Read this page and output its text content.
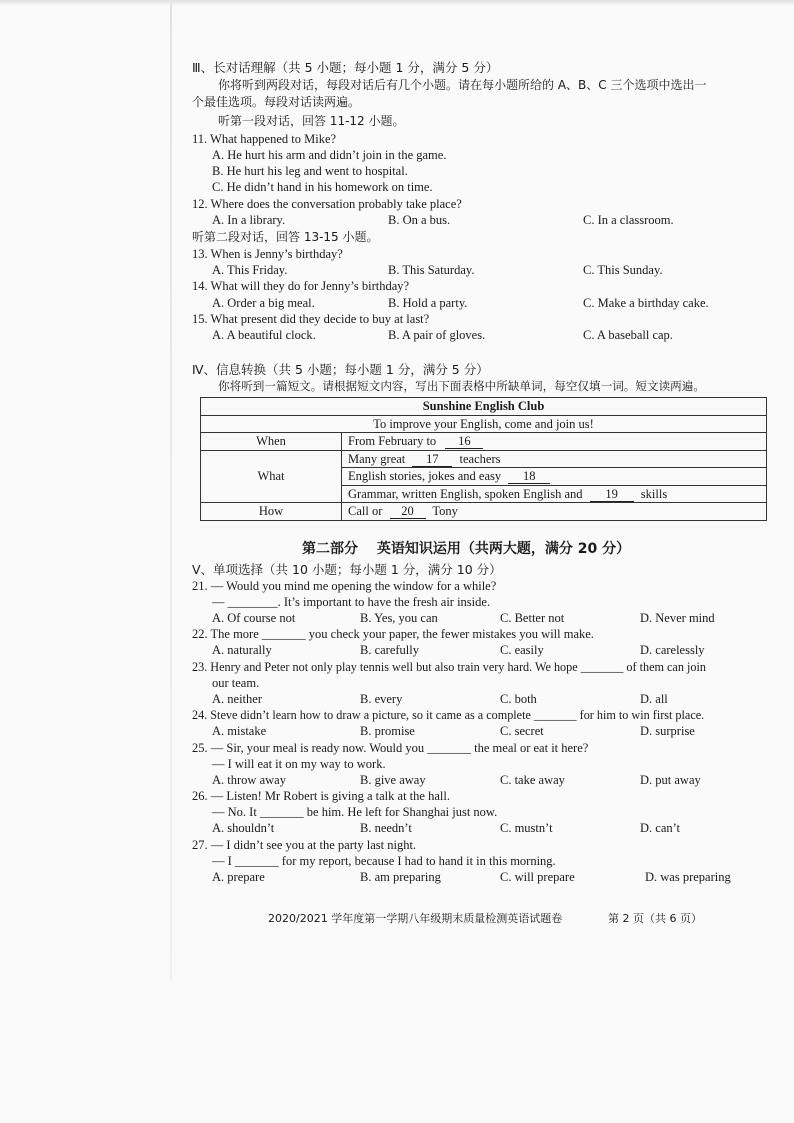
Ⅲ、长对话理解（共 5 小题；每小题 1 分，满分 5 分）
你将听到两段对话，每段对话后有几个小题。请在每小题所给的 A、B、C 三个选项中选出一
个最佳选项。每段对话读两遍。
听第一段对话，回答 11-12 小题。
11. What happened to Mike?
A. He hurt his arm and didn’t join in the game.
B. He hurt his leg and went to hospital.
C. He didn’t hand in his homework on time.
12. Where does the conversation probably take place?
A. In a library.	B. On a bus.	C. In a classroom.
听第二段对话，回答 13-15 小题。
13. When is Jenny’s birthday?
A. This Friday.	B. This Saturday.	C. This Sunday.
14. What will they do for Jenny’s birthday?
A. Order a big meal.	B. Hold a party.	C. Make a birthday cake.
15. What present did they decide to buy at last?
A. A beautiful clock.	B. A pair of gloves.	C. A baseball cap.
Ⅳ、信息转换（共 5 小题；每小题 1 分，满分 5 分）
你将听到一篇短文。请根据短文内容，写出下面表格中所缺单词，每空仅填一词。短文读两遍。
Sunshine English Club	
To improve your English, come and join us!	
When	From February to 16
What	Many great 17 teachers
	English stories, jokes and easy 18
	Grammar, written English, spoken English and 19 skills
How	Call or 20 Tony
第二部分　 英语知识运用（共两大题，满分 20 分）
Ⅴ、单项选择（共 10 小题；每小题 1 分，满分 10 分）
21. — Would you mind me opening the window for a while?
— ________. It’s important to have the fresh air inside.
A. Of course not	B. Yes, you can	C. Better not	D. Never mind
22. The more _______ you check your paper, the fewer mistakes you will make.
A. naturally	B. carefully	C. easily	D. carelessly
23. Henry and Peter not only play tennis well but also train very hard. We hope _______ of them can join
our team.
A. neither	B. every	C. both	D. all
24. Steve didn’t learn how to draw a picture, so it came as a complete _______ for him to win first place.
A. mistake	B. promise	C. secret	D. surprise
25. — Sir, your meal is ready now. Would you _______ the meal or eat it here?
— I will eat it on my way to work.
A. throw away	B. give away	C. take away	D. put away
26. — Listen! Mr Robert is giving a talk at the hall.
— No. It _______ be him. He left for Shanghai just now.
A. shouldn’t	B. needn’t	C. mustn’t	D. can’t
27. — I didn’t see you at the party last night.
— I _______ for my report, because I had to hand it in this morning.
A. prepare	B. am preparing	C. will prepare	D. was preparing
2020/2021 学年度第一学期八年级期末质量检测英语试题卷	第 2 页（共 6 页）
